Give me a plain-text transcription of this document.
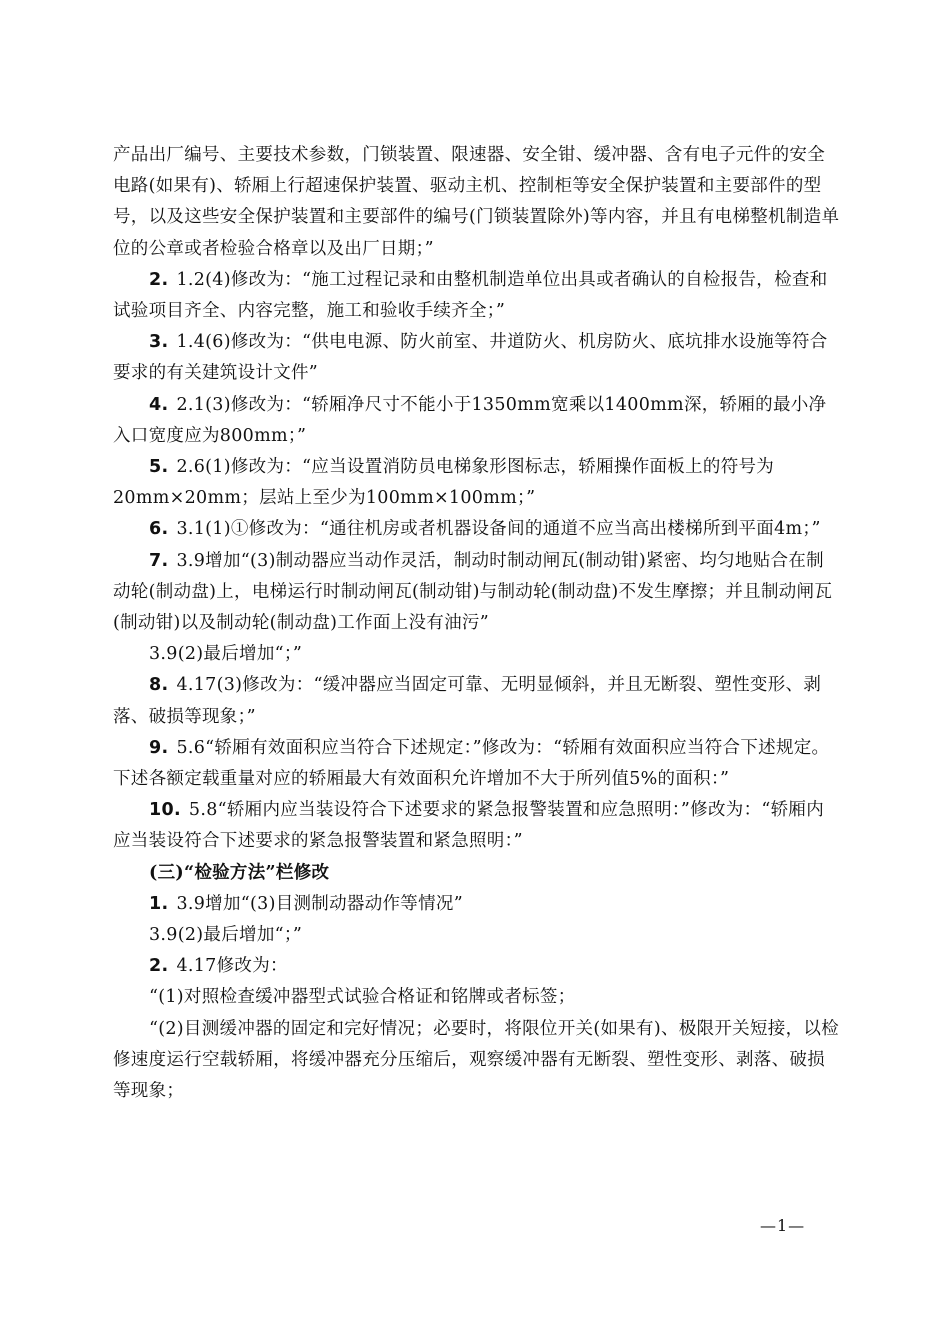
产品出厂编号、主要技术参数，门锁装置、限速器、安全钳、缓冲器、含有电子元件的安全电路(如果有)、轿厢上行超速保护装置、驱动主机、控制柜等安全保护装置和主要部件的型号，以及这些安全保护装置和主要部件的编号(门锁装置除外)等内容，并且有电梯整机制造单位的公章或者检验合格章以及出厂日期；”

2. 1.2(4)修改为：“施工过程记录和由整机制造单位出具或者确认的自检报告，检查和试验项目齐全、内容完整，施工和验收手续齐全；”

3. 1.4(6)修改为：“供电电源、防火前室、井道防火、机房防火、底坑排水设施等符合要求的有关建筑设计文件”

4. 2.1(3)修改为：“轿厢净尺寸不能小于1350mm宽乘以1400mm深，轿厢的最小净入口宽度应为800mm；”

5. 2.6(1)修改为：“应当设置消防员电梯象形图标志，轿厢操作面板上的符号为20mm×20mm；层站上至少为100mm×100mm；”

6. 3.1(1)①修改为：“通往机房或者机器设备间的通道不应当高出楼梯所到平面4m；”

7. 3.9增加“(3)制动器应当动作灵活，制动时制动闸瓦(制动钳)紧密、均匀地贴合在制动轮(制动盘)上，电梯运行时制动闸瓦(制动钳)与制动轮(制动盘)不发生摩擦；并且制动闸瓦(制动钳)以及制动轮(制动盘)工作面上没有油污”

3.9(2)最后增加“；”

8. 4.17(3)修改为：“缓冲器应当固定可靠、无明显倾斜，并且无断裂、塑性变形、剥落、破损等现象；”

9. 5.6“轿厢有效面积应当符合下述规定：”修改为：“轿厢有效面积应当符合下述规定。下述各额定载重量对应的轿厢最大有效面积允许增加不大于所列值5%的面积：”

10. 5.8“轿厢内应当装设符合下述要求的紧急报警装置和应急照明：”修改为：“轿厢内应当装设符合下述要求的紧急报警装置和紧急照明：”

(三)“检验方法”栏修改

1. 3.9增加“(3)目测制动器动作等情况”

3.9(2)最后增加“；”

2. 4.17修改为：

“(1)对照检查缓冲器型式试验合格证和铭牌或者标签；

“(2)目测缓冲器的固定和完好情况；必要时，将限位开关(如果有)、极限开关短接，以检修速度运行空载轿厢，将缓冲器充分压缩后，观察缓冲器有无断裂、塑性变形、剥落、破损等现象；

—1—
